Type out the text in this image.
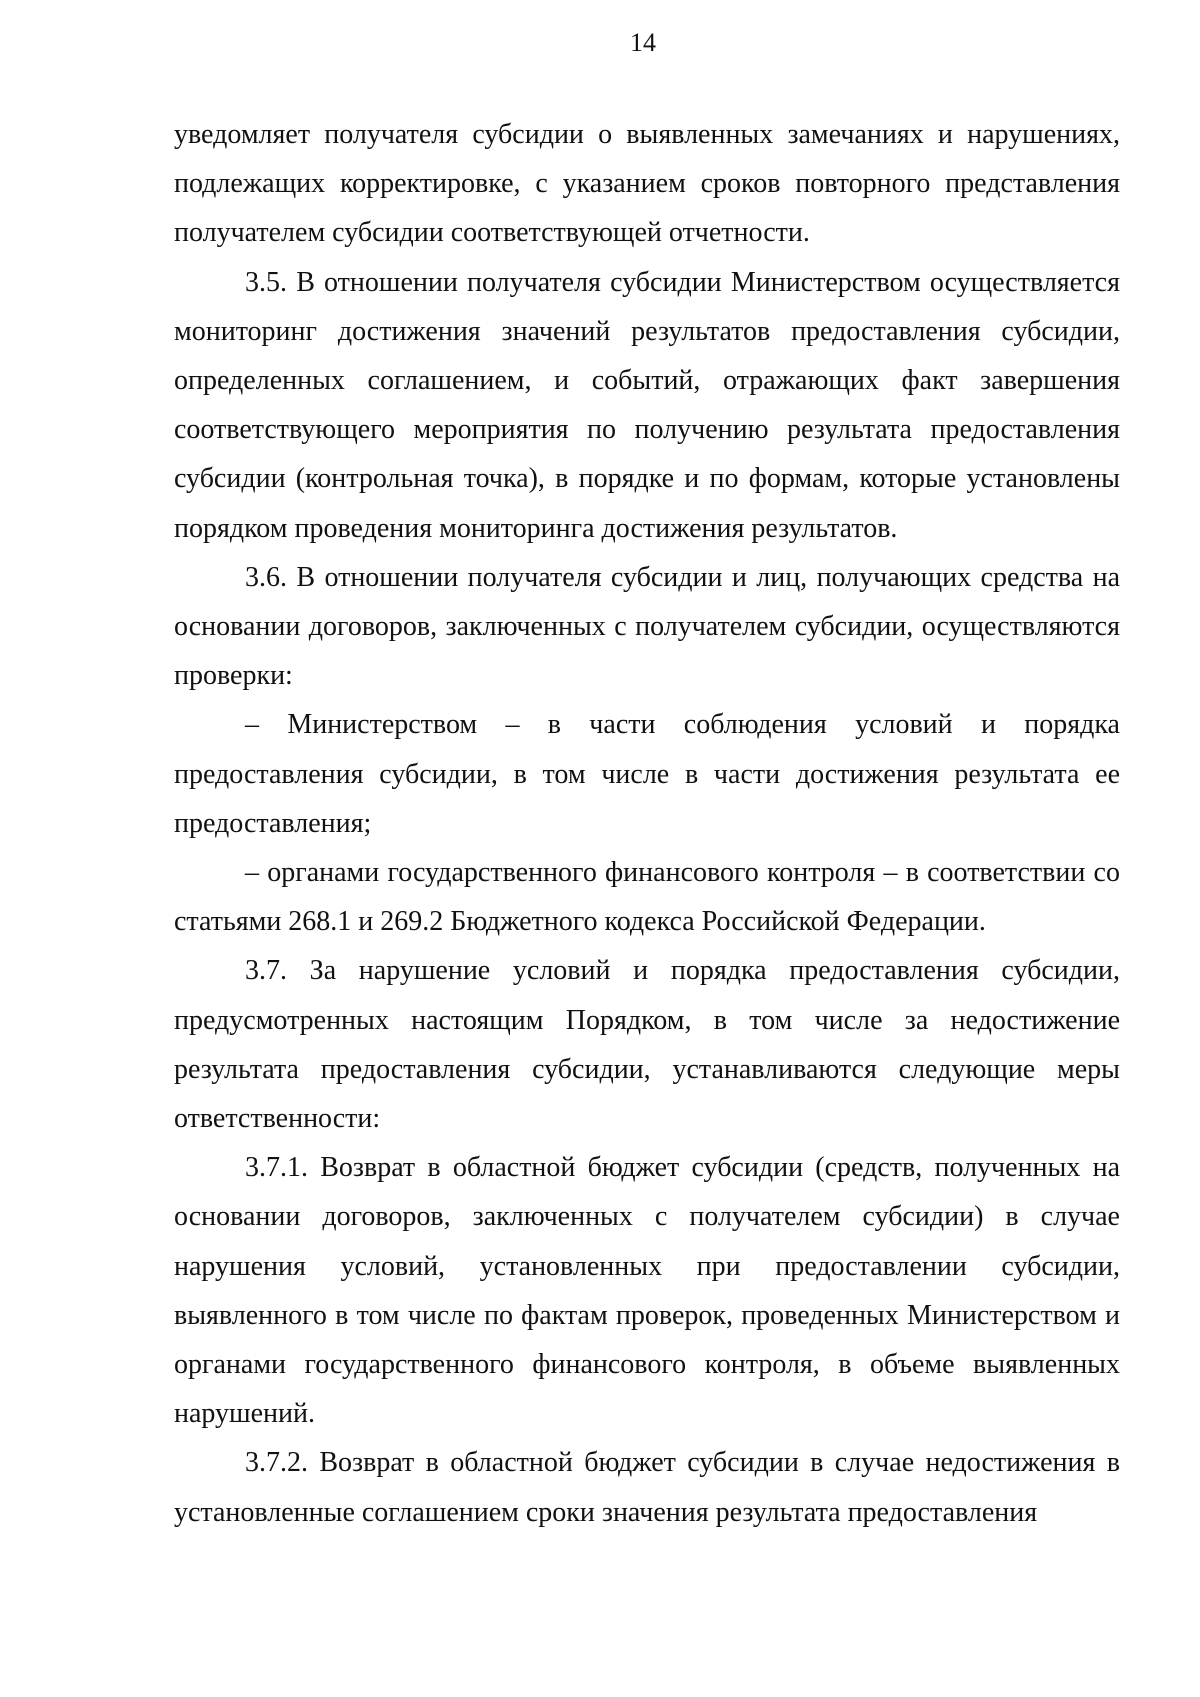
14

уведомляет получателя субсидии о выявленных замечаниях и нарушениях, подлежащих корректировке, с указанием сроков повторного представления получателем субсидии соответствующей отчетности.

3.5. В отношении получателя субсидии Министерством осуществляется мониторинг достижения значений результатов предоставления субсидии, определенных соглашением, и событий, отражающих факт завершения соответствующего мероприятия по получению результата предоставления субсидии (контрольная точка), в порядке и по формам, которые установлены порядком проведения мониторинга достижения результатов.

3.6. В отношении получателя субсидии и лиц, получающих средства на основании договоров, заключенных с получателем субсидии, осуществляются проверки:

– Министерством – в части соблюдения условий и порядка предоставления субсидии, в том числе в части достижения результата ее предоставления;

– органами государственного финансового контроля – в соответствии со статьями 268.1 и 269.2 Бюджетного кодекса Российской Федерации.

3.7. За нарушение условий и порядка предоставления субсидии, предусмотренных настоящим Порядком, в том числе за недостижение результата предоставления субсидии, устанавливаются следующие меры ответственности:

3.7.1. Возврат в областной бюджет субсидии (средств, полученных на основании договоров, заключенных с получателем субсидии) в случае нарушения условий, установленных при предоставлении субсидии, выявленного в том числе по фактам проверок, проведенных Министерством и органами государственного финансового контроля, в объеме выявленных нарушений.

3.7.2. Возврат в областной бюджет субсидии в случае недостижения в установленные соглашением сроки значения результата предоставления
